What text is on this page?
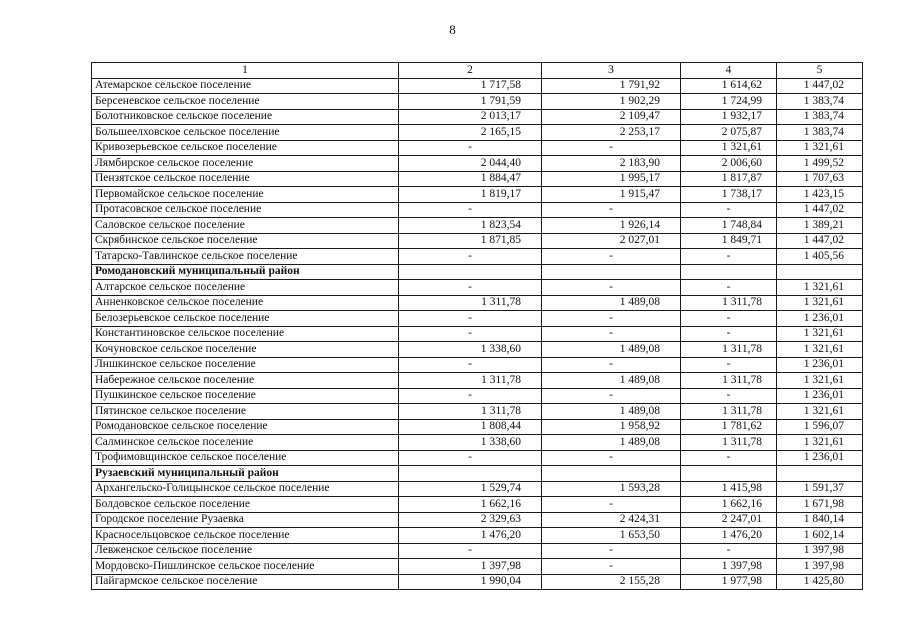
8
1	2	3	4	5
Атемарское сельское поселение	1 717,58	1 791,92	1 614,62	1 447,02
Берсеневское сельское поселение	1 791,59	1 902,29	1 724,99	1 383,74
Болотниковское сельское поселение	2 013,17	2 109,47	1 932,17	1 383,74
Большеелховское сельское поселение	2 165,15	2 253,17	2 075,87	1 383,74
Кривозерьевское сельское поселение	-	-	1 321,61	1 321,61
Лямбирское сельское поселение	2 044,40	2 183,90	2 006,60	1 499,52
Пензятское сельское поселение	1 884,47	1 995,17	1 817,87	1 707,63
Первомайское сельское поселение	1 819,17	1 915,47	1 738,17	1 423,15
Протасовское сельское поселение	-	-	-	1 447,02
Саловское сельское поселение	1 823,54	1 926,14	1 748,84	1 389,21
Скрябинское сельское поселение	1 871,85	2 027,01	1 849,71	1 447,02
Татарско-Тавлинское сельское поселение	-	-	-	1 405,56
Ромодановский муниципальный район				
Алтарское сельское поселение	-	-	-	1 321,61
Анненковское сельское поселение	1 311,78	1 489,08	1 311,78	1 321,61
Белозерьевское сельское поселение	-	-	-	1 236,01
Константиновское сельское поселение	-	-	-	1 321,61
Кочуновское сельское поселение	1 338,60	1 489,08	1 311,78	1 321,61
Лншкинское сельское поселение	-	-	-	1 236,01
Набережное сельское поселение	1 311,78	1 489,08	1 311,78	1 321,61
Пушкинское сельское поселение	-	-	-	1 236,01
Пятинское сельское поселение	1 311,78	1 489,08	1 311,78	1 321,61
Ромодановское сельское поселение	1 808,44	1 958,92	1 781,62	1 596,07
Салминское сельское поселение	1 338,60	1 489,08	1 311,78	1 321,61
Трофимовщинское сельское поселение	-	-	-	1 236,01
Рузаевский муниципальный район				
Архангельско-Голицынское сельское поселение	1 529,74	1 593,28	1 415,98	1 591,37
Болдовское сельское поселение	1 662,16	-	1 662,16	1 671,98
Городское поселение Рузаевка	2 329,63	2 424,31	2 247,01	1 840,14
Красносельцовское сельское поселение	1 476,20	1 653,50	1 476,20	1 602,14
Левженское сельское поселение	-	-	-	1 397,98
Мордовско-Пишлинское сельское поселение	1 397,98	-	1 397,98	1 397,98
Пайгармское сельское поселение	1 990,04	2 155,28	1 977,98	1 425,80
